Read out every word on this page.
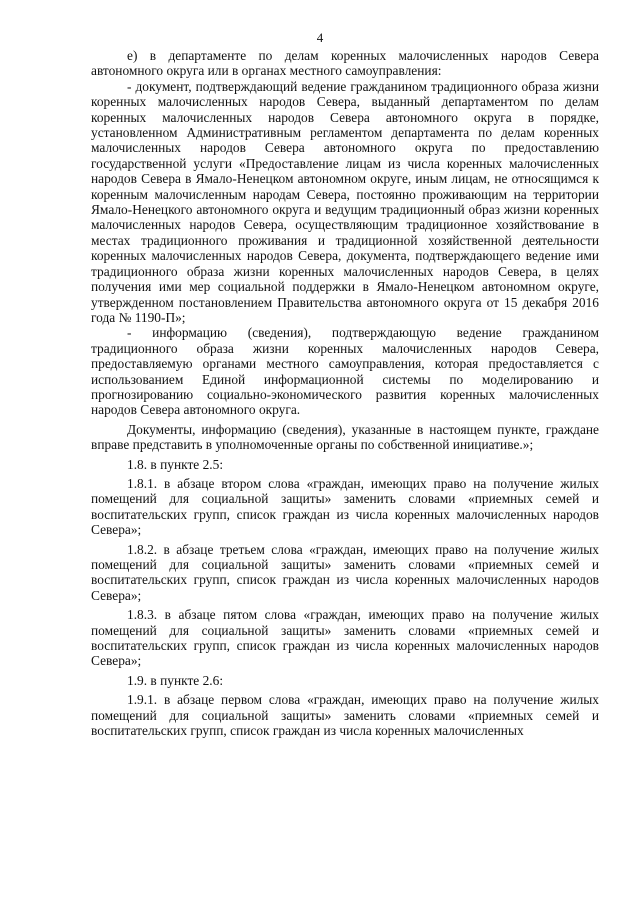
4

е) в департаменте по делам коренных малочисленных народов Севера автономного округа или в органах местного самоуправления:

- документ, подтверждающий ведение гражданином традиционного образа жизни коренных малочисленных народов Севера, выданный департаментом по делам коренных малочисленных народов Севера автономного округа в порядке, установленном Административным регламентом департамента по делам коренных малочисленных народов Севера автономного округа по предоставлению государственной услуги «Предоставление лицам из числа коренных малочисленных народов Севера в Ямало-Ненецком автономном округе, иным лицам, не относящимся к коренным малочисленным народам Севера, постоянно проживающим на территории Ямало-Ненецкого автономного округа и ведущим традиционный образ жизни коренных малочисленных народов Севера, осуществляющим традиционное хозяйствование в местах традиционного проживания и традиционной хозяйственной деятельности коренных малочисленных народов Севера, документа, подтверждающего ведение ими традиционного образа жизни коренных малочисленных народов Севера, в целях получения ими мер социальной поддержки в Ямало-Ненецком автономном округе, утвержденном постановлением Правительства автономного округа от 15 декабря 2016 года № 1190-П»;

- информацию (сведения), подтверждающую ведение гражданином традиционного образа жизни коренных малочисленных народов Севера, предоставляемую органами местного самоуправления, которая предоставляется с использованием Единой информационной системы по моделированию и прогнозированию социально-экономического развития коренных малочисленных народов Севера автономного округа.

Документы, информацию (сведения), указанные в настоящем пункте, граждане вправе представить в уполномоченные органы по собственной инициативе.»;

1.8. в пункте 2.5:

1.8.1. в абзаце втором слова «граждан, имеющих право на получение жилых помещений для социальной защиты» заменить словами «приемных семей и воспитательских групп, список граждан из числа коренных малочисленных народов Севера»;

1.8.2. в абзаце третьем слова «граждан, имеющих право на получение жилых помещений для социальной защиты» заменить словами «приемных семей и воспитательских групп, список граждан из числа коренных малочисленных народов Севера»;

1.8.3. в абзаце пятом слова «граждан, имеющих право на получение жилых помещений для социальной защиты» заменить словами «приемных семей и воспитательских групп, список граждан из числа коренных малочисленных народов Севера»;

1.9. в пункте 2.6:

1.9.1. в абзаце первом слова «граждан, имеющих право на получение жилых помещений для социальной защиты» заменить словами «приемных семей и воспитательских групп, список граждан из числа коренных малочисленных
